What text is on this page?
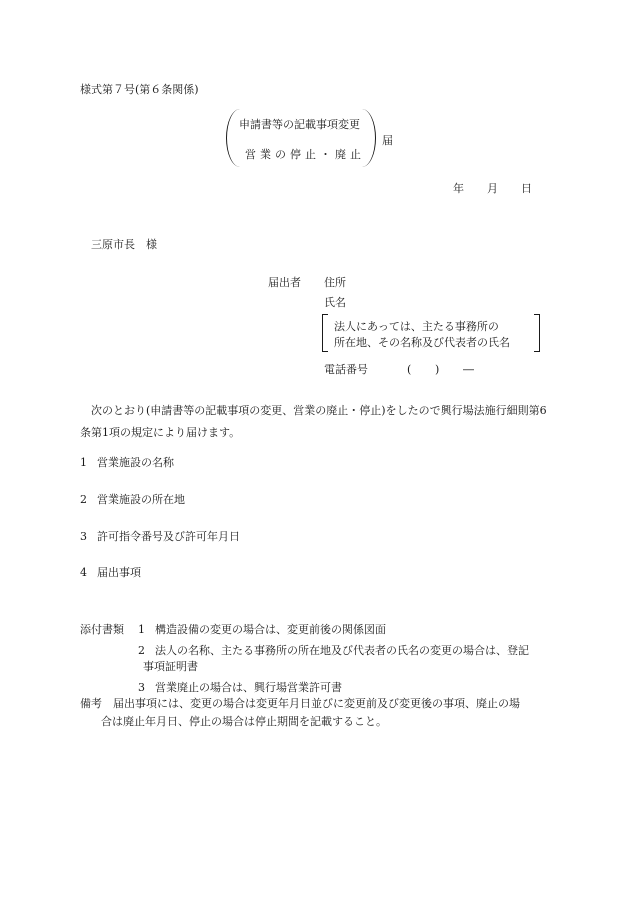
様式第７号(第６条関係)
申請書等の記載事項変更
営業の停止・廃止
届
年 月 日
三原市長　様
届出者 住所
氏名
法人にあっては、主たる事務所の
所在地、その名称及び代表者の氏名
電話番号	( ) ―
　次のとおり(申請書等の記載事項の変更、営業の廃止・停止)をしたので興行場法施行細則第6条第1項の規定により届けます。
1 営業施設の名称
2 営業施設の所在地
3 許可指令番号及び許可年月日
4 届出事項
添付書類 1 構造設備の変更の場合は、変更前後の関係図面
2 法人の名称、主たる事務所の所在地及び代表者の氏名の変更の場合は、登記
事項証明書
3 営業廃止の場合は、興行場営業許可書
備考 届出事項には、変更の場合は変更年月日並びに変更前及び変更後の事項、廃止の場
合は廃止年月日、停止の場合は停止期間を記載すること。
